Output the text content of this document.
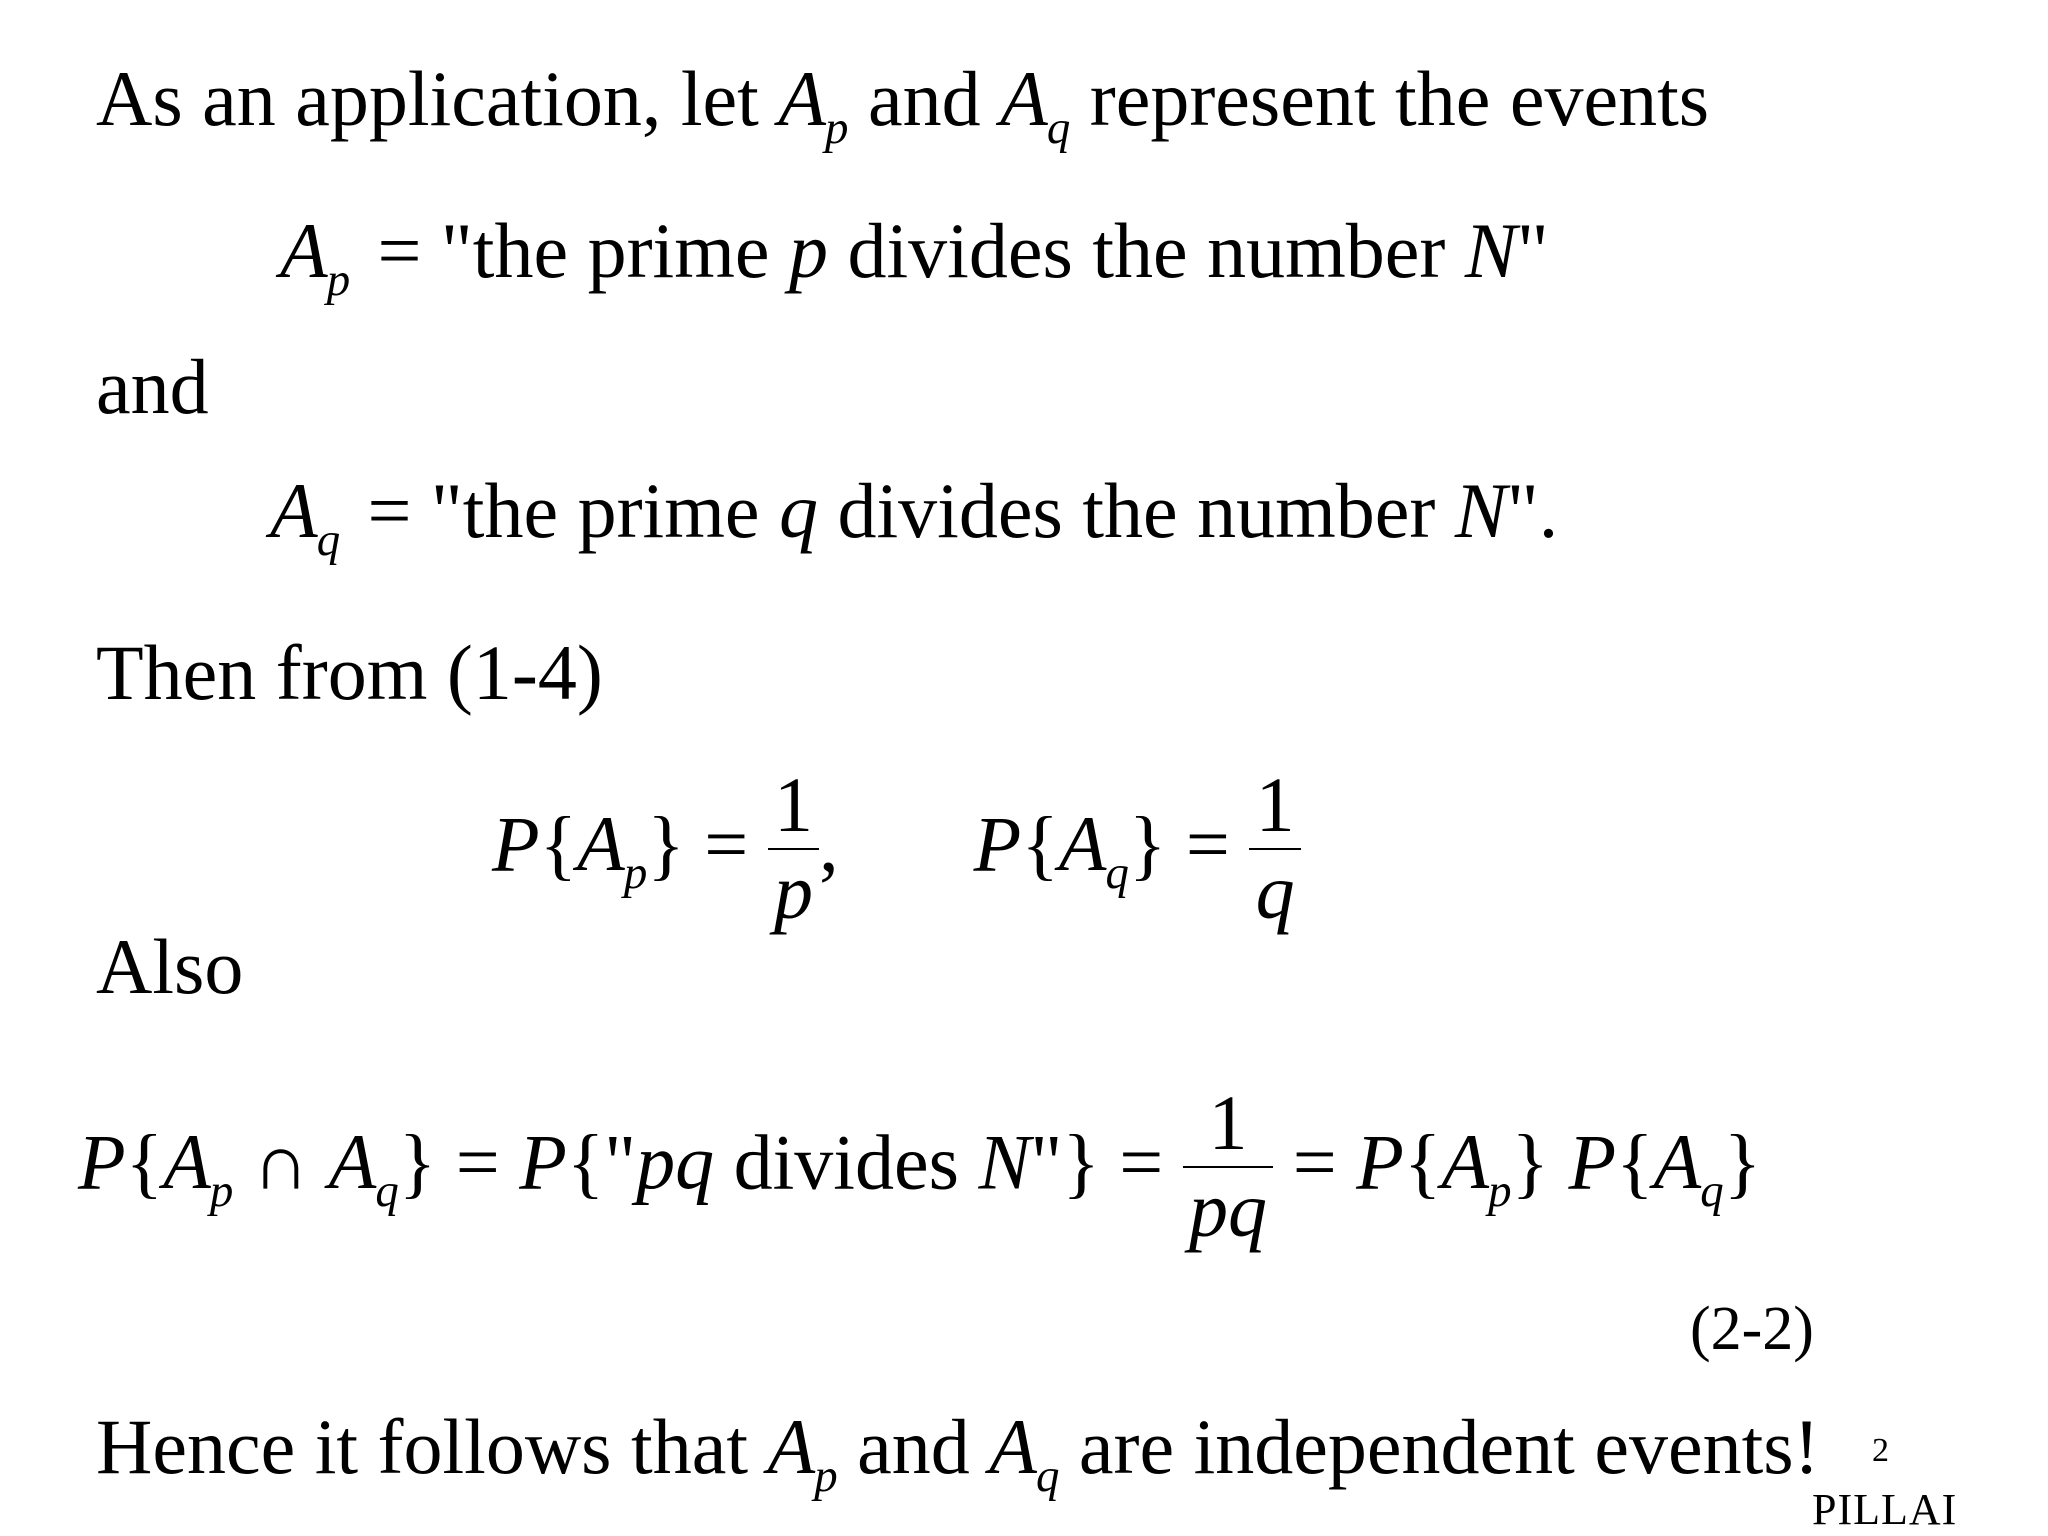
As an application, let $A_p$ and $A_q$ represent the events
$A_p$ = "the prime p divides the number N"
and
$A_q$ = "the prime q divides the number N".
Then from (1-4)
$P\{A_p\} = \frac{1}{p}$ , $P\{A_q\} = \frac{1}{q}$
Also
$P\{A_p$ ∩ $A_q$} = P{"pq divides N"} = $\frac{1}{pq} = P\{A_p\}$ $P\{A_q\}$
(2-2)
Hence it follows that $A_p$ and $A_q$ are independent events! 2
PILLAI
